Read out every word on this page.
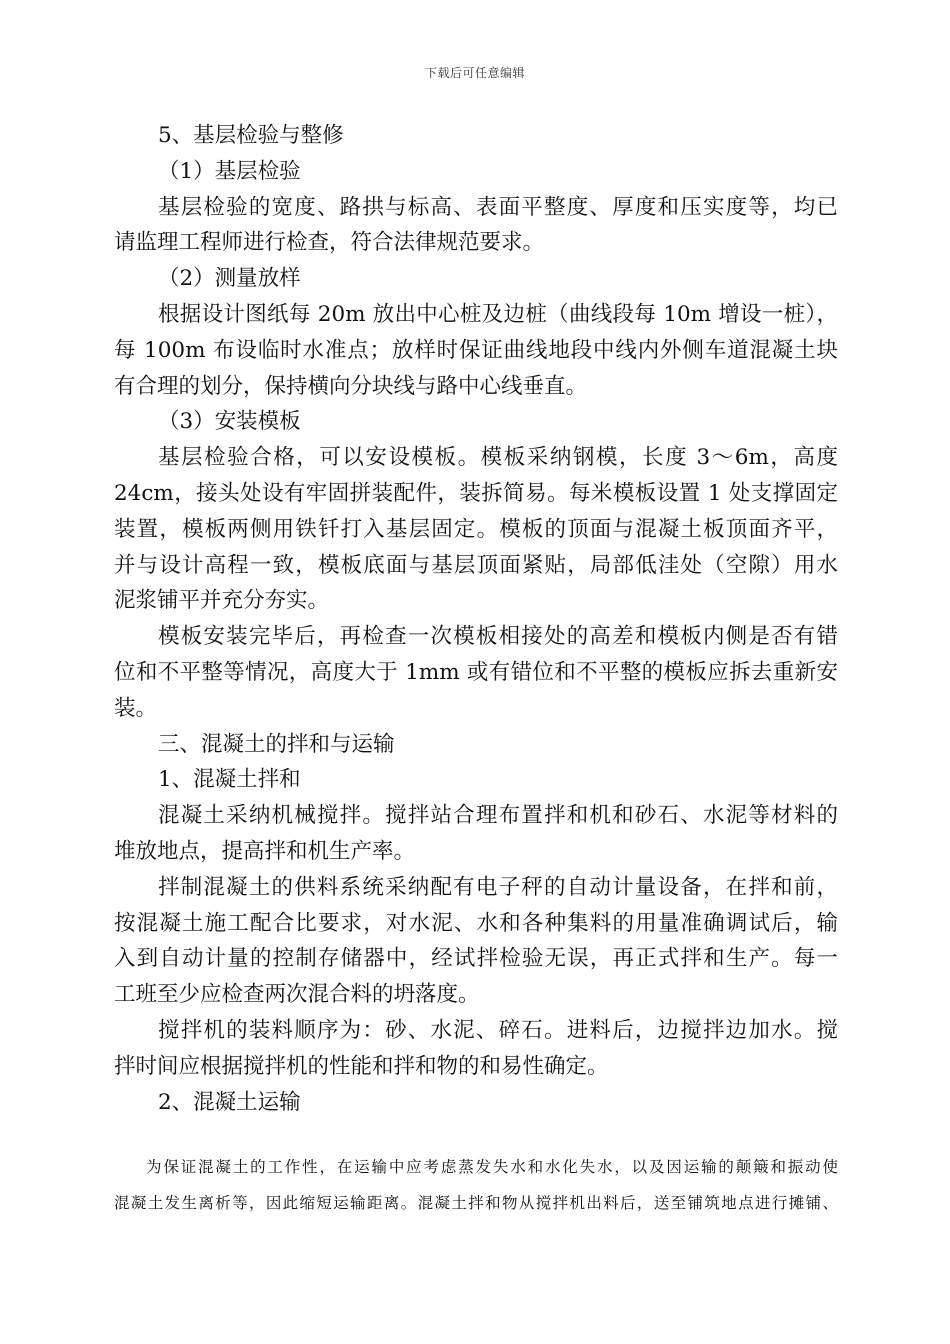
下载后可任意编辑
5、基层检验与整修
（1）基层检验
基层检验的宽度、路拱与标高、表面平整度、厚度和压实度等，均已
请监理工程师进行检查，符合法律规范要求。
（2）测量放样
根据设计图纸每 20m 放出中心桩及边桩（曲线段每 10m 增设一桩），
每 100m 布设临时水准点；放样时保证曲线地段中线内外侧车道混凝土块
有合理的划分，保持横向分块线与路中心线垂直。
（3）安装模板
基层检验合格，可以安设模板。模板采纳钢模，长度 3～6m，高度
24cm，接头处设有牢固拼装配件，装拆简易。每米模板设置 1 处支撑固定
装置，模板两侧用铁钎打入基层固定。模板的顶面与混凝土板顶面齐平，
并与设计高程一致，模板底面与基层顶面紧贴，局部低洼处（空隙）用水
泥浆铺平并充分夯实。
模板安装完毕后，再检查一次模板相接处的高差和模板内侧是否有错
位和不平整等情况，高度大于 1mm 或有错位和不平整的模板应拆去重新安
装。
三、混凝土的拌和与运输
1、混凝土拌和
混凝土采纳机械搅拌。搅拌站合理布置拌和机和砂石、水泥等材料的
堆放地点，提高拌和机生产率。
拌制混凝土的供料系统采纳配有电子秤的自动计量设备，在拌和前，
按混凝土施工配合比要求，对水泥、水和各种集料的用量准确调试后，输
入到自动计量的控制存储器中，经试拌检验无误，再正式拌和生产。每一
工班至少应检查两次混合料的坍落度。
搅拌机的装料顺序为：砂、水泥、碎石。进料后，边搅拌边加水。搅
拌时间应根据搅拌机的性能和拌和物的和易性确定。
2、混凝土运输
为保证混凝土的工作性，在运输中应考虑蒸发失水和水化失水，以及因运输的颠簸和振动使
混凝土发生离析等，因此缩短运输距离。混凝土拌和物从搅拌机出料后，送至铺筑地点进行摊铺、
